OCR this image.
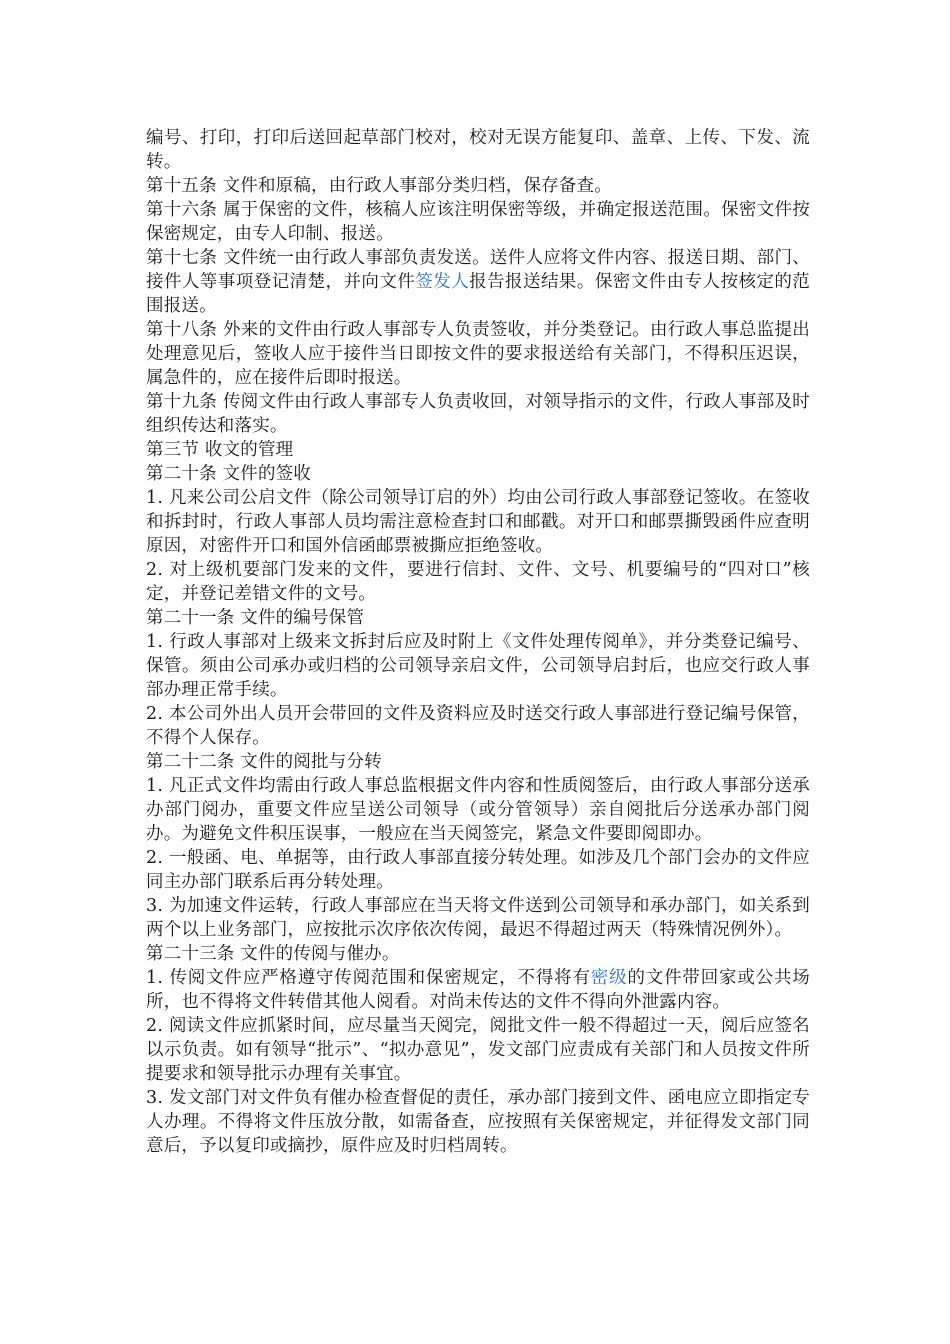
编号、打印，打印后送回起草部门校对，校对无误方能复印、盖章、上传、下发、流转。

第十五条 文件和原稿，由行政人事部分类归档，保存备查。

第十六条 属于保密的文件，核稿人应该注明保密等级，并确定报送范围。保密文件按保密规定，由专人印制、报送。

第十七条 文件统一由行政人事部负责发送。送件人应将文件内容、报送日期、部门、接件人等事项登记清楚，并向文件签发人报告报送结果。保密文件由专人按核定的范围报送。

第十八条 外来的文件由行政人事部专人负责签收，并分类登记。由行政人事总监提出处理意见后，签收人应于接件当日即按文件的要求报送给有关部门，不得积压迟误，属急件的，应在接件后即时报送。

第十九条 传阅文件由行政人事部专人负责收回，对领导指示的文件，行政人事部及时组织传达和落实。

第三节 收文的管理

第二十条 文件的签收

1. 凡来公司公启文件（除公司领导订启的外）均由公司行政人事部登记签收。在签收和拆封时，行政人事部人员均需注意检查封口和邮戳。对开口和邮票撕毁函件应查明原因，对密件开口和国外信函邮票被撕应拒绝签收。

2. 对上级机要部门发来的文件，要进行信封、文件、文号、机要编号的“四对口”核定，并登记差错文件的文号。

第二十一条 文件的编号保管

1. 行政人事部对上级来文拆封后应及时附上《文件处理传阅单》，并分类登记编号、保管。须由公司承办或归档的公司领导亲启文件，公司领导启封后，也应交行政人事部办理正常手续。

2. 本公司外出人员开会带回的文件及资料应及时送交行政人事部进行登记编号保管，不得个人保存。

第二十二条 文件的阅批与分转

1. 凡正式文件均需由行政人事总监根据文件内容和性质阅签后，由行政人事部分送承办部门阅办，重要文件应呈送公司领导（或分管领导）亲自阅批后分送承办部门阅办。为避免文件积压误事，一般应在当天阅签完，紧急文件要即阅即办。

2. 一般函、电、单据等，由行政人事部直接分转处理。如涉及几个部门会办的文件应同主办部门联系后再分转处理。

3. 为加速文件运转，行政人事部应在当天将文件送到公司领导和承办部门，如关系到两个以上业务部门，应按批示次序依次传阅，最迟不得超过两天（特殊情况例外）。

第二十三条 文件的传阅与催办。

1. 传阅文件应严格遵守传阅范围和保密规定，不得将有密级的文件带回家或公共场所，也不得将文件转借其他人阅看。对尚未传达的文件不得向外泄露内容。

2. 阅读文件应抓紧时间，应尽量当天阅完，阅批文件一般不得超过一天，阅后应签名以示负责。如有领导“批示”、“拟办意见”，发文部门应责成有关部门和人员按文件所提要求和领导批示办理有关事宜。

3. 发文部门对文件负有催办检查督促的责任，承办部门接到文件、函电应立即指定专人办理。不得将文件压放分散，如需备查，应按照有关保密规定，并征得发文部门同意后，予以复印或摘抄，原件应及时归档周转。
